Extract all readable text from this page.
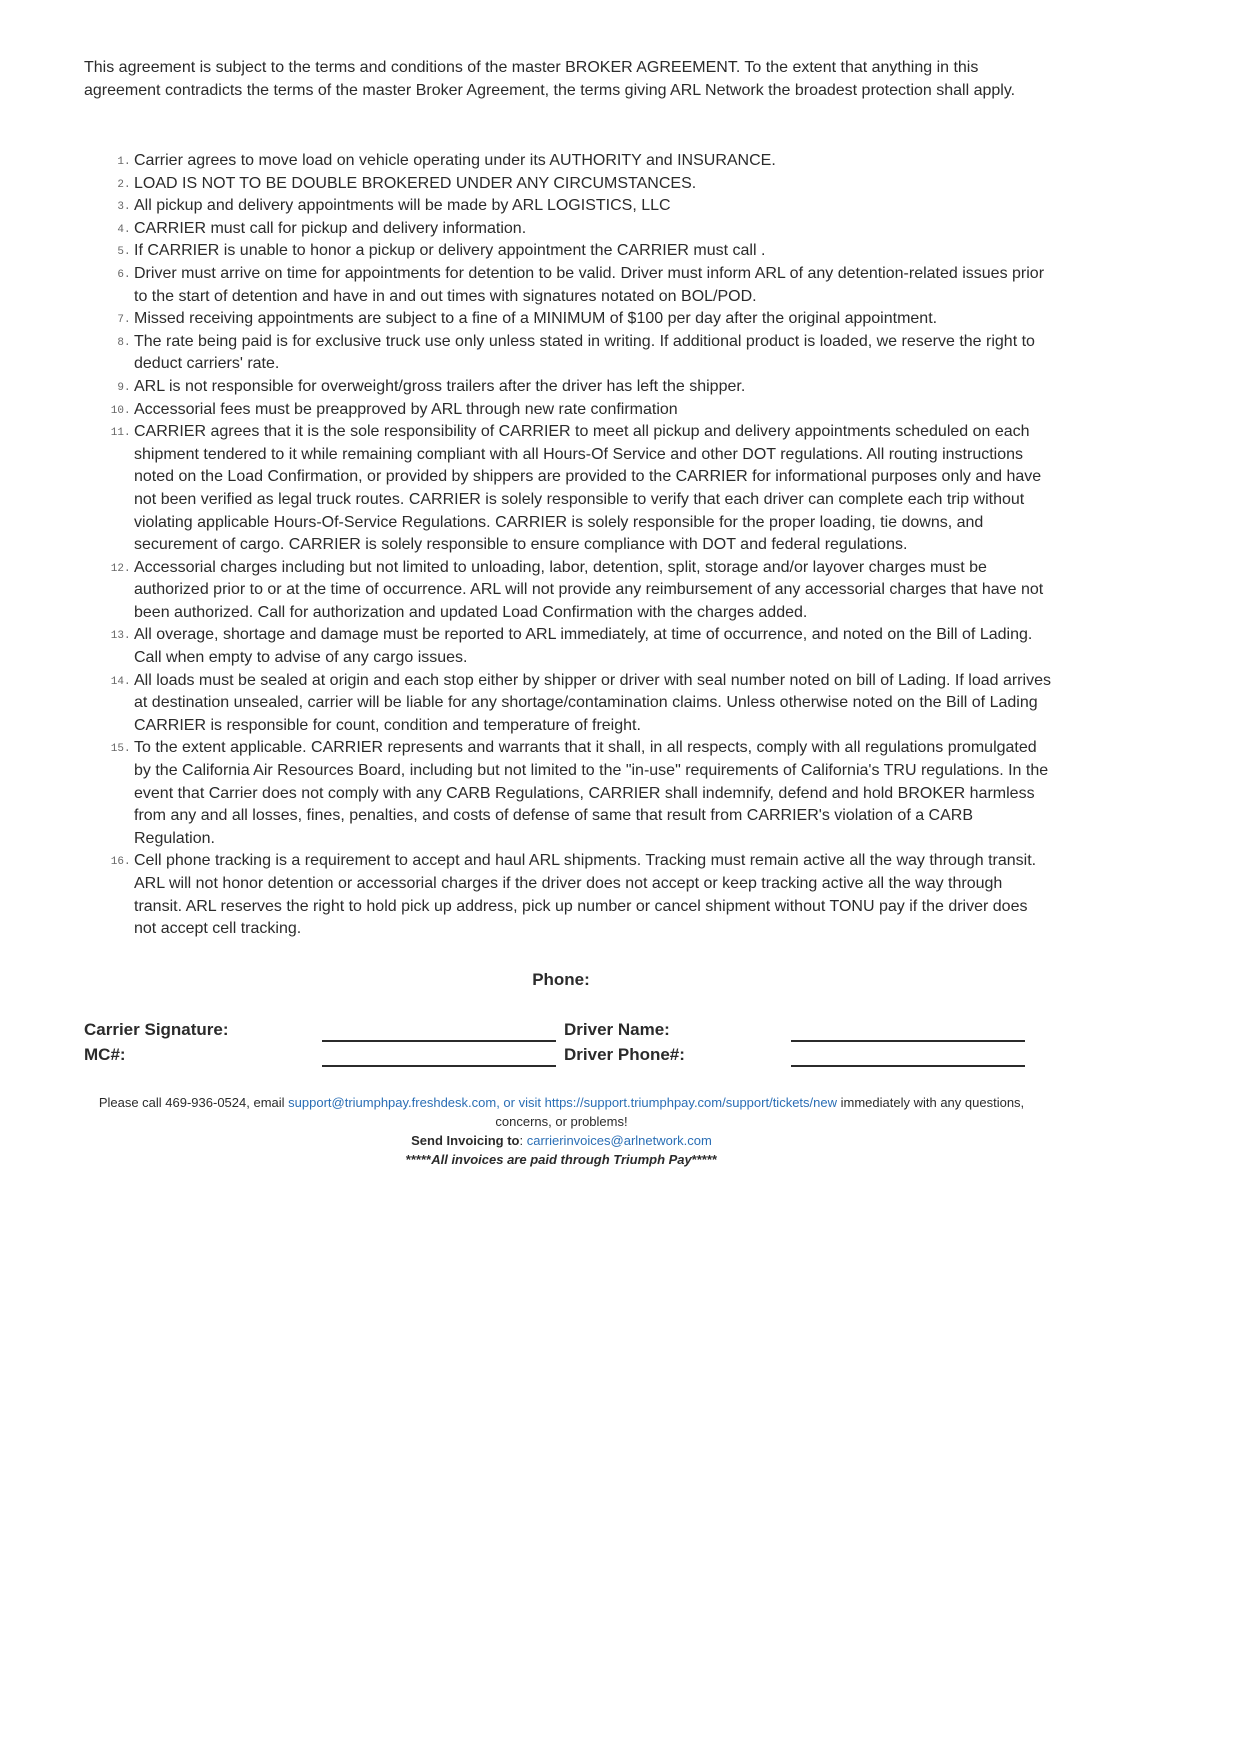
This agreement is subject to the terms and conditions of the master BROKER AGREEMENT. To the extent that anything in this agreement contradicts the terms of the master Broker Agreement, the terms giving ARL Network the broadest protection shall apply.

1. Carrier agrees to move load on vehicle operating under its AUTHORITY and INSURANCE.
2. LOAD IS NOT TO BE DOUBLE BROKERED UNDER ANY CIRCUMSTANCES.
3. All pickup and delivery appointments will be made by ARL LOGISTICS, LLC
4. CARRIER must call for pickup and delivery information.
5. If CARRIER is unable to honor a pickup or delivery appointment the CARRIER must call .
6. Driver must arrive on time for appointments for detention to be valid. Driver must inform ARL of any detention-related issues prior to the start of detention and have in and out times with signatures notated on BOL/POD.
7. Missed receiving appointments are subject to a fine of a MINIMUM of $100 per day after the original appointment.
8. The rate being paid is for exclusive truck use only unless stated in writing. If additional product is loaded, we reserve the right to deduct carriers' rate.
9. ARL is not responsible for overweight/gross trailers after the driver has left the shipper.
10. Accessorial fees must be preapproved by ARL through new rate confirmation
11. CARRIER agrees that it is the sole responsibility of CARRIER to meet all pickup and delivery appointments scheduled on each shipment tendered to it while remaining compliant with all Hours-Of Service and other DOT regulations. All routing instructions noted on the Load Confirmation, or provided by shippers are provided to the CARRIER for informational purposes only and have not been verified as legal truck routes. CARRIER is solely responsible to verify that each driver can complete each trip without violating applicable Hours-Of-Service Regulations. CARRIER is solely responsible for the proper loading, tie downs, and securement of cargo. CARRIER is solely responsible to ensure compliance with DOT and federal regulations.
12. Accessorial charges including but not limited to unloading, labor, detention, split, storage and/or layover charges must be authorized prior to or at the time of occurrence. ARL will not provide any reimbursement of any accessorial charges that have not been authorized. Call for authorization and updated Load Confirmation with the charges added.
13. All overage, shortage and damage must be reported to ARL immediately, at time of occurrence, and noted on the Bill of Lading. Call when empty to advise of any cargo issues.
14. All loads must be sealed at origin and each stop either by shipper or driver with seal number noted on bill of Lading. If load arrives at destination unsealed, carrier will be liable for any shortage/contamination claims. Unless otherwise noted on the Bill of Lading CARRIER is responsible for count, condition and temperature of freight.
15. To the extent applicable. CARRIER represents and warrants that it shall, in all respects, comply with all regulations promulgated by the California Air Resources Board, including but not limited to the "in-use" requirements of California's TRU regulations. In the event that Carrier does not comply with any CARB Regulations, CARRIER shall indemnify, defend and hold BROKER harmless from any and all losses, fines, penalties, and costs of defense of same that result from CARRIER's violation of a CARB Regulation.
16. Cell phone tracking is a requirement to accept and haul ARL shipments. Tracking must remain active all the way through transit. ARL will not honor detention or accessorial charges if the driver does not accept or keep tracking active all the way through transit. ARL reserves the right to hold pick up address, pick up number or cancel shipment without TONU pay if the driver does not accept cell tracking.
Phone:
Carrier Signature:	Driver Name:
MC#:	Driver Phone#:

Please call 469-936-0524, email support@triumphpay.freshdesk.com, or visit https://support.triumphpay.com/support/tickets/new immediately with any questions, concerns, or problems!

Send Invoicing to: carrierinvoices@arlnetwork.com

*****All invoices are paid through Triumph Pay*****
